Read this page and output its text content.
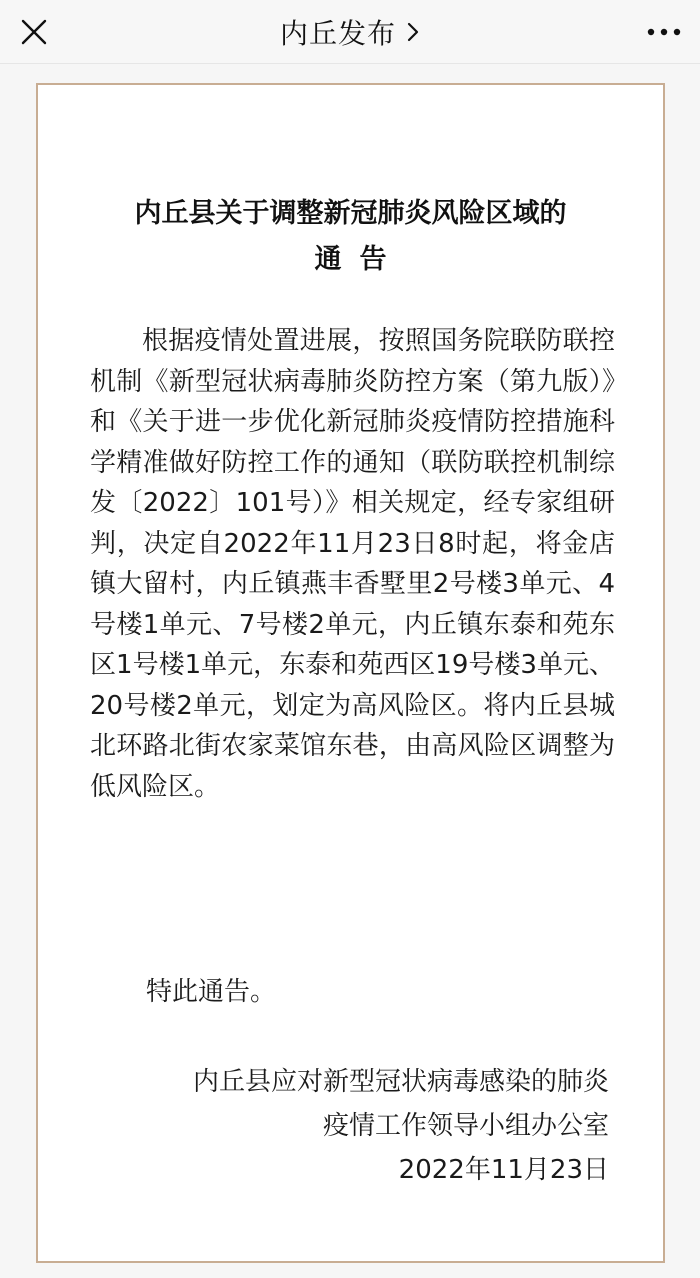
内丘发布
内丘县关于调整新冠肺炎风险区域的
通告

根据疫情处置进展，按照国务院联防联控机制《新型冠状病毒肺炎防控方案（第九版）》和《关于进一步优化新冠肺炎疫情防控措施科学精准做好防控工作的通知（联防联控机制综发〔2022〕101号）》相关规定，经专家组研判，决定自2022年11月23日8时起，将金店镇大留村，内丘镇燕丰香墅里2号楼3单元、4号楼1单元、7号楼2单元，内丘镇东泰和苑东区1号楼1单元，东泰和苑西区19号楼3单元、20号楼2单元，划定为高风险区。将内丘县城北环路北街农家菜馆东巷，由高风险区调整为低风险区。

特此通告。
内丘县应对新型冠状病毒感染的肺炎
疫情工作领导小组办公室
2022年11月23日
